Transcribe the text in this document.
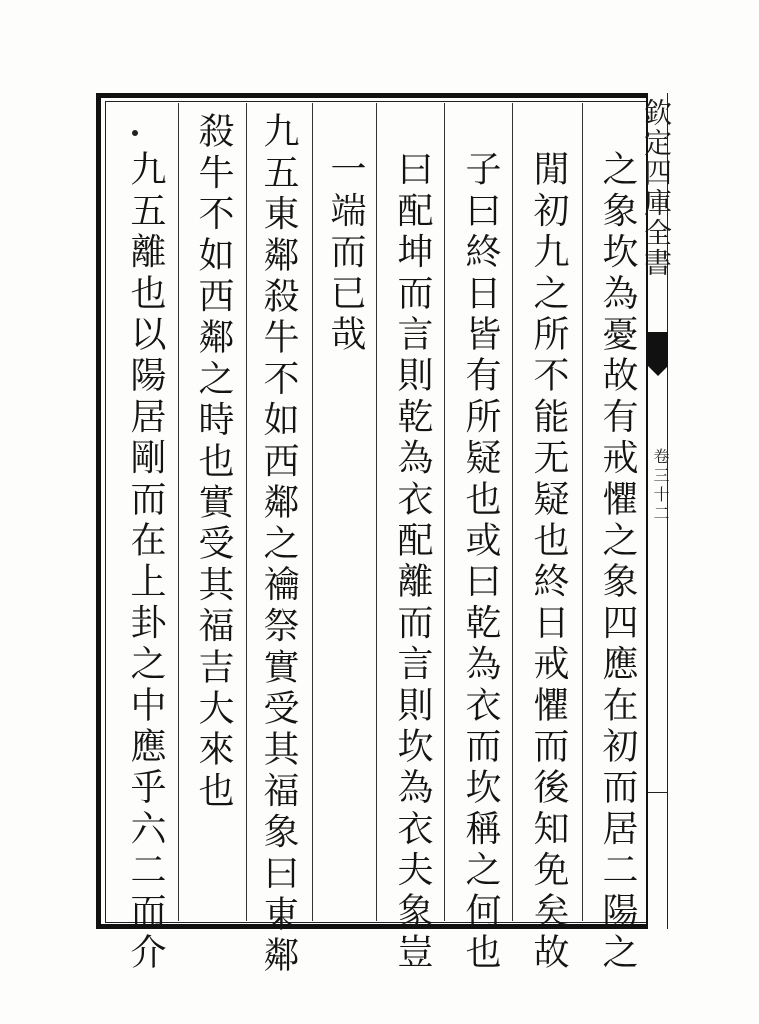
之象坎為憂故有戒懼之象四應在初而居二陽之
閒初九之所不能无疑也終日戒懼而後知免矣故
子曰終日皆有所疑也或曰乾為衣而坎稱之何也
曰配坤而言則乾為衣配離而言則坎為衣夫象豈
一端而已哉
九五東鄰殺牛不如西鄰之禴祭實受其福象曰東鄰
殺牛不如西鄰之時也實受其福吉大來也
九五離也以陽居剛而在上卦之中應乎六二而介	欽定四庫全書
卷三十二
